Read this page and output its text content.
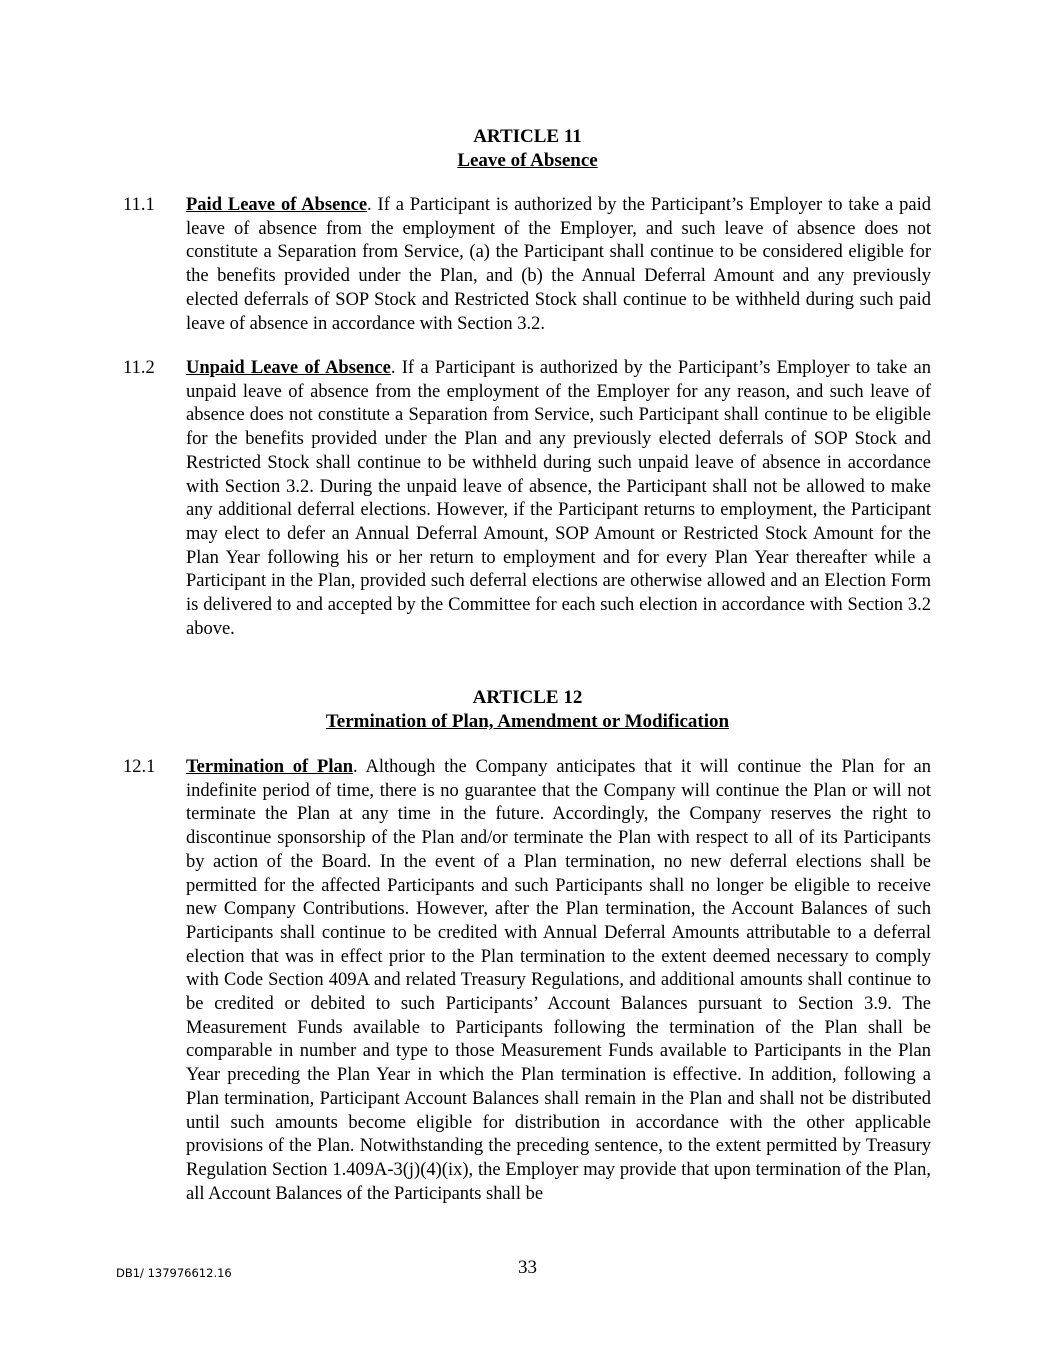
ARTICLE 11
Leave of Absence
11.1 Paid Leave of Absence. If a Participant is authorized by the Participant’s Employer to take a paid leave of absence from the employment of the Employer, and such leave of absence does not constitute a Separation from Service, (a) the Participant shall continue to be considered eligible for the benefits provided under the Plan, and (b) the Annual Deferral Amount and any previously elected deferrals of SOP Stock and Restricted Stock shall continue to be withheld during such paid leave of absence in accordance with Section 3.2.

11.2 Unpaid Leave of Absence. If a Participant is authorized by the Participant’s Employer to take an unpaid leave of absence from the employment of the Employer for any reason, and such leave of absence does not constitute a Separation from Service, such Participant shall continue to be eligible for the benefits provided under the Plan and any previously elected deferrals of SOP Stock and Restricted Stock shall continue to be withheld during such unpaid leave of absence in accordance with Section 3.2. During the unpaid leave of absence, the Participant shall not be allowed to make any additional deferral elections. However, if the Participant returns to employment, the Participant may elect to defer an Annual Deferral Amount, SOP Amount or Restricted Stock Amount for the Plan Year following his or her return to employment and for every Plan Year thereafter while a Participant in the Plan, provided such deferral elections are otherwise allowed and an Election Form is delivered to and accepted by the Committee for each such election in accordance with Section 3.2 above.

ARTICLE 12
Termination of Plan, Amendment or Modification
12.1 Termination of Plan. Although the Company anticipates that it will continue the Plan for an indefinite period of time, there is no guarantee that the Company will continue the Plan or will not terminate the Plan at any time in the future. Accordingly, the Company reserves the right to discontinue sponsorship of the Plan and/or terminate the Plan with respect to all of its Participants by action of the Board. In the event of a Plan termination, no new deferral elections shall be permitted for the affected Participants and such Participants shall no longer be eligible to receive new Company Contributions. However, after the Plan termination, the Account Balances of such Participants shall continue to be credited with Annual Deferral Amounts attributable to a deferral election that was in effect prior to the Plan termination to the extent deemed necessary to comply with Code Section 409A and related Treasury Regulations, and additional amounts shall continue to be credited or debited to such Participants’ Account Balances pursuant to Section 3.9. The Measurement Funds available to Participants following the termination of the Plan shall be comparable in number and type to those Measurement Funds available to Participants in the Plan Year preceding the Plan Year in which the Plan termination is effective. In addition, following a Plan termination, Participant Account Balances shall remain in the Plan and shall not be distributed until such amounts become eligible for distribution in accordance with the other applicable provisions of the Plan. Notwithstanding the preceding sentence, to the extent permitted by Treasury Regulation Section 1.409A-3(j)(4)(ix), the Employer may provide that upon termination of the Plan, all Account Balances of the Participants shall be

DB1/ 137976612.16	33
